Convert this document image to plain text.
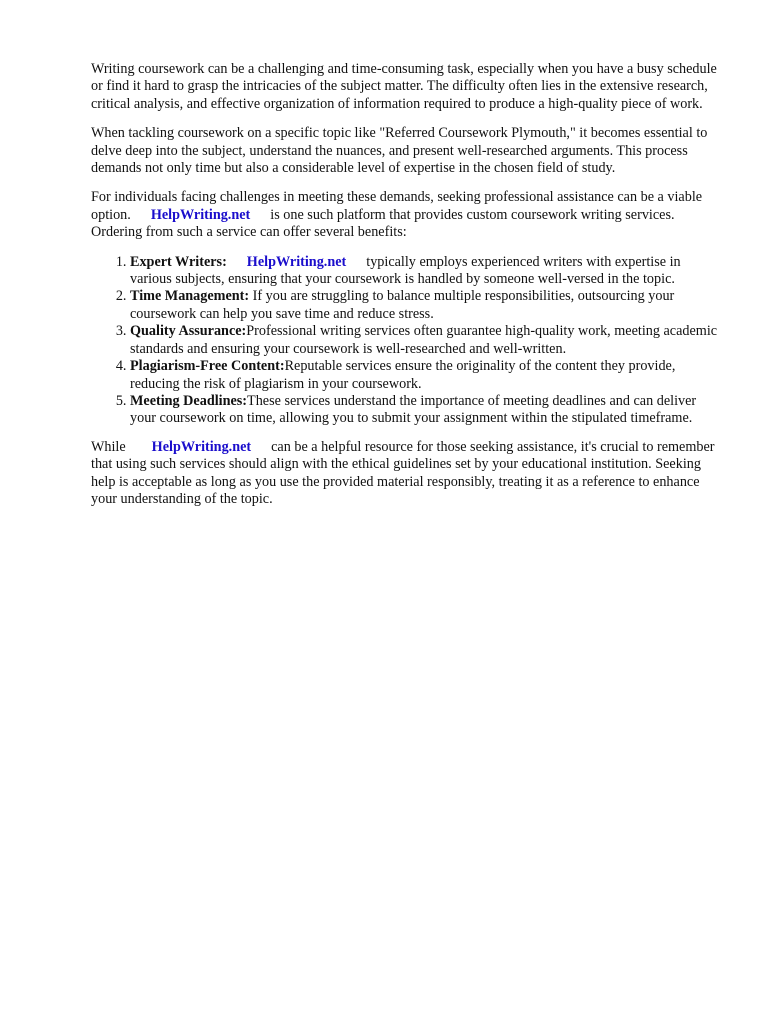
Writing coursework can be a challenging and time-consuming task, especially when you have a busy schedule or find it hard to grasp the intricacies of the subject matter. The difficulty often lies in the extensive research, critical analysis, and effective organization of information required to produce a high-quality piece of work.

When tackling coursework on a specific topic like "Referred Coursework Plymouth," it becomes essential to delve deep into the subject, understand the nuances, and present well-researched arguments. This process demands not only time but also a considerable level of expertise in the chosen field of study.

For individuals facing challenges in meeting these demands, seeking professional assistance can be a viable option. HelpWriting.net is one such platform that provides custom coursework writing services. Ordering from such a service can offer several benefits:

1. Expert Writers: HelpWriting.net typically employs experienced writers with expertise in various subjects, ensuring that your coursework is handled by someone well-versed in the topic.
2. Time Management: If you are struggling to balance multiple responsibilities, outsourcing your coursework can help you save time and reduce stress.
3. Quality Assurance:Professional writing services often guarantee high-quality work, meeting academic standards and ensuring your coursework is well-researched and well-written.
4. Plagiarism-Free Content:Reputable services ensure the originality of the content they provide, reducing the risk of plagiarism in your coursework.
5. Meeting Deadlines:These services understand the importance of meeting deadlines and can deliver your coursework on time, allowing you to submit your assignment within the stipulated timeframe.

While HelpWriting.net can be a helpful resource for those seeking assistance, it's crucial to remember that using such services should align with the ethical guidelines set by your educational institution. Seeking help is acceptable as long as you use the provided material responsibly, treating it as a reference to enhance your understanding of the topic.
